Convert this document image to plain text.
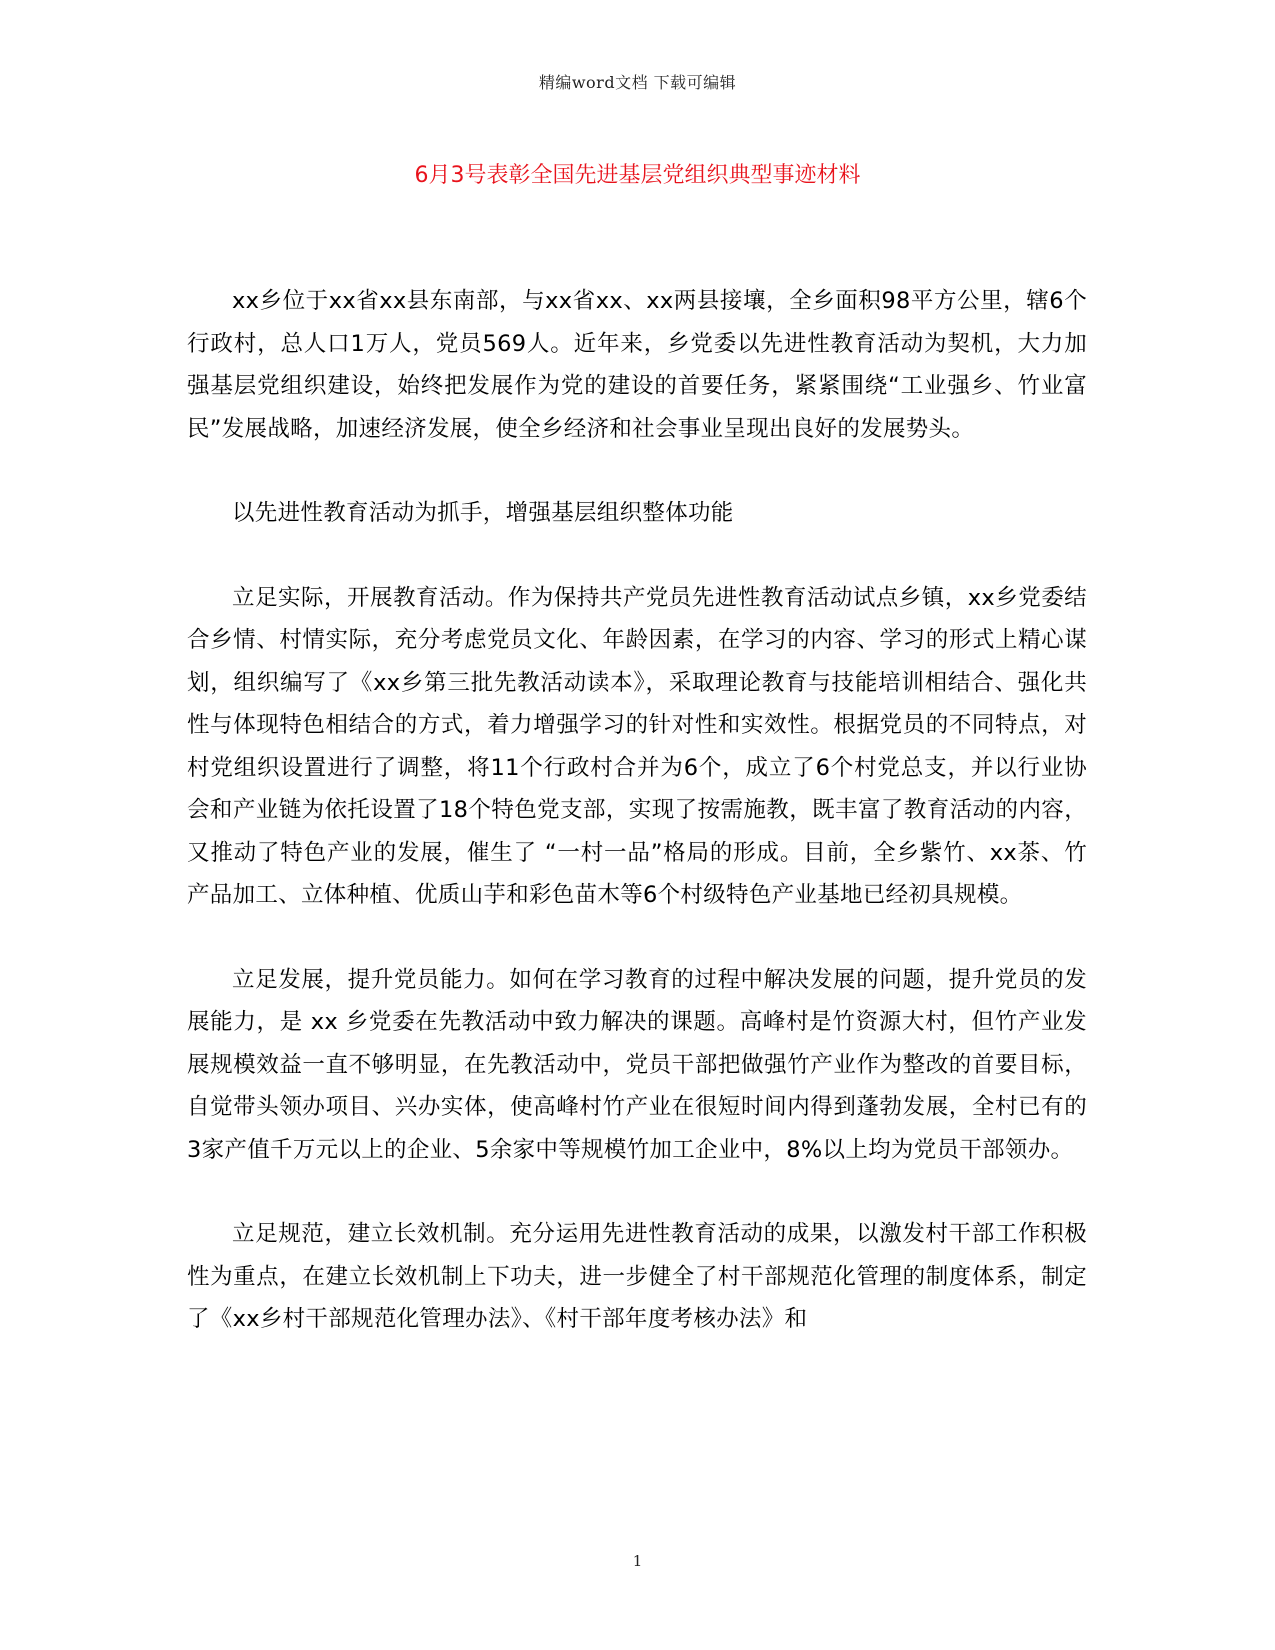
精编word文档 下载可编辑
6月3号表彰全国先进基层党组织典型事迹材料

xx乡位于xx省xx县东南部，与xx省xx、xx两县接壤，全乡面积98平方公里，辖6个行政村，总人口1万人，党员569人。近年来，乡党委以先进性教育活动为契机，大力加强基层党组织建设，始终把发展作为党的建设的首要任务，紧紧围绕“工业强乡、竹业富民”发展战略，加速经济发展，使全乡经济和社会事业呈现出良好的发展势头。

以先进性教育活动为抓手，增强基层组织整体功能

立足实际，开展教育活动。作为保持共产党员先进性教育活动试点乡镇，xx乡党委结合乡情、村情实际，充分考虑党员文化、年龄因素，在学习的内容、学习的形式上精心谋划，组织编写了《xx乡第三批先教活动读本》，采取理论教育与技能培训相结合、强化共性与体现特色相结合的方式，着力增强学习的针对性和实效性。根据党员的不同特点，对村党组织设置进行了调整，将11个行政村合并为6个，成立了6个村党总支，并以行业协会和产业链为依托设置了18个特色党支部，实现了按需施教，既丰富了教育活动的内容，又推动了特色产业的发展，催生了 “一村一品”格局的形成。目前，全乡紫竹、xx茶、竹产品加工、立体种植、优质山芋和彩色苗木等6个村级特色产业基地已经初具规模。

立足发展，提升党员能力。如何在学习教育的过程中解决发展的问题，提升党员的发展能力，是 xx 乡党委在先教活动中致力解决的课题。高峰村是竹资源大村，但竹产业发展规模效益一直不够明显，在先教活动中，党员干部把做强竹产业作为整改的首要目标，自觉带头领办项目、兴办实体，使高峰村竹产业在很短时间内得到蓬勃发展，全村已有的3家产值千万元以上的企业、5余家中等规模竹加工企业中，8%以上均为党员干部领办。

立足规范，建立长效机制。充分运用先进性教育活动的成果，以激发村干部工作积极性为重点，在建立长效机制上下功夫，进一步健全了村干部规范化管理的制度体系，制定了《xx乡村干部规范化管理办法》、《村干部年度考核办法》和

1
